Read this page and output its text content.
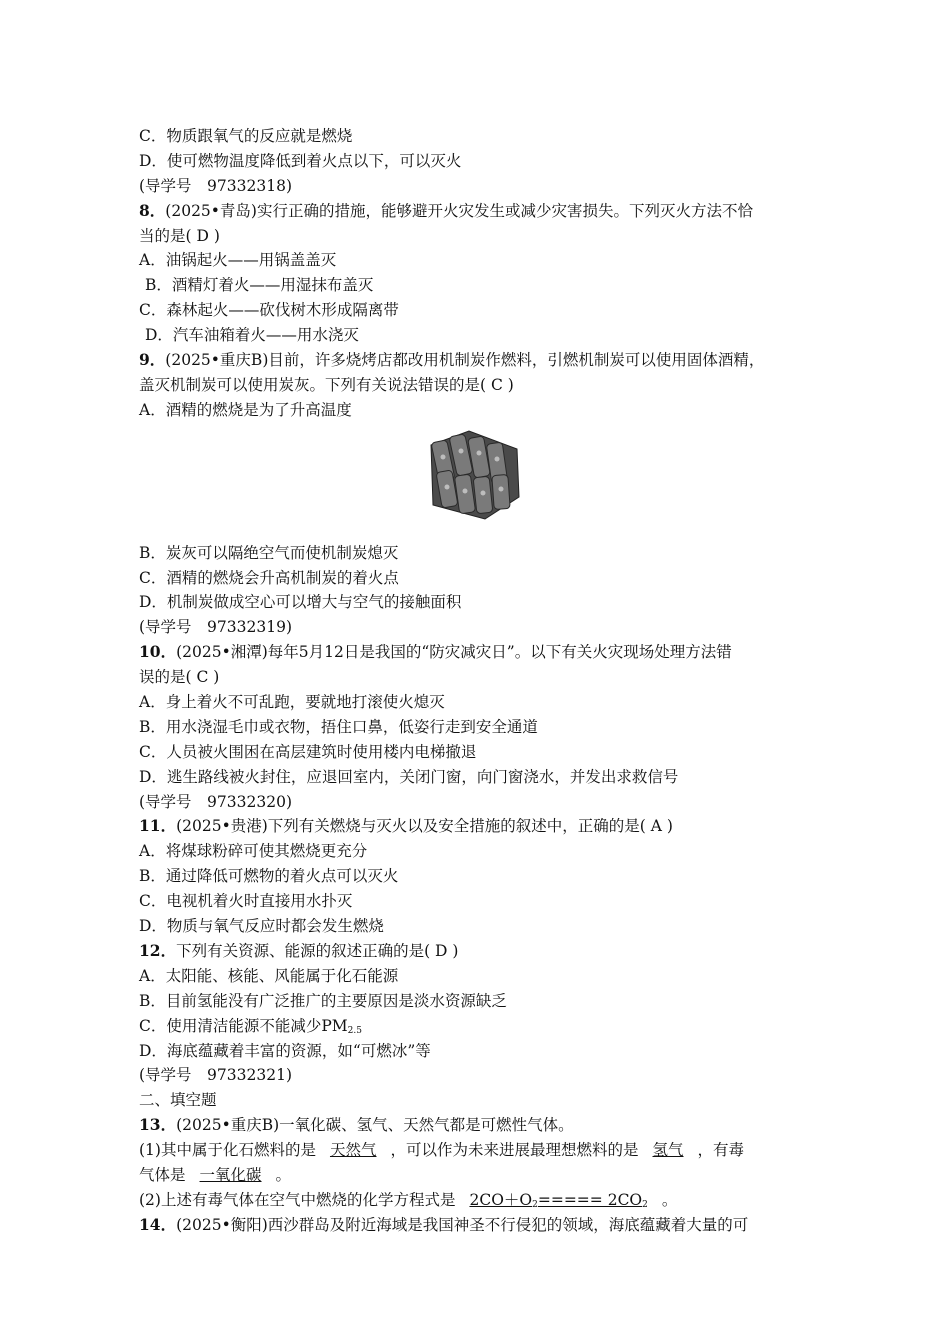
C．物质跟氧气的反应就是燃烧
D．使可燃物温度降低到着火点以下，可以灭火
(导学号　97332318)
8．(2025•青岛)实行正确的措施，能够避开火灾发生或减少灾害损失。下列灭火方法不恰
当的是( D )
A．油锅起火——用锅盖盖灭
B．酒精灯着火——用湿抹布盖灭
C．森林起火——砍伐树木形成隔离带
D．汽车油箱着火——用水浇灭
9．(2025•重庆B)目前，许多烧烤店都改用机制炭作燃料，引燃机制炭可以使用固体酒精，
盖灭机制炭可以使用炭灰。下列有关说法错误的是( C )
A．酒精的燃烧是为了升高温度
B．炭灰可以隔绝空气而使机制炭熄灭
C．酒精的燃烧会升高机制炭的着火点
D．机制炭做成空心可以增大与空气的接触面积
(导学号　97332319)
10．(2025•湘潭)每年5月12日是我国的“防灾减灾日”。以下有关火灾现场处理方法错
误的是( C )
A．身上着火不可乱跑，要就地打滚使火熄灭
B．用水浇湿毛巾或衣物，捂住口鼻，低姿行走到安全通道
C．人员被火围困在高层建筑时使用楼内电梯撤退
D．逃生路线被火封住，应退回室内，关闭门窗，向门窗浇水，并发出求救信号
(导学号　97332320)
11．(2025•贵港)下列有关燃烧与灭火以及安全措施的叙述中，正确的是( A )
A．将煤球粉碎可使其燃烧更充分
B．通过降低可燃物的着火点可以灭火
C．电视机着火时直接用水扑灭
D．物质与氧气反应时都会发生燃烧
12．下列有关资源、能源的叙述正确的是( D )
A．太阳能、核能、风能属于化石能源
B．目前氢能没有广泛推广的主要原因是淡水资源缺乏
C．使用清洁能源不能减少$PM_{2.5}$
D．海底蕴藏着丰富的资源，如“可燃冰”等
(导学号　97332321)
二、填空题
13．(2025•重庆B)一氧化碳、氢气、天然气都是可燃性气体。
(1)其中属于化石燃料的是 天然气 ，可以作为未来进展最理想燃料的是 氢气 ，有毒
气体是 一氧化碳 。
(2)上述有毒气体在空气中燃烧的化学方程式是 $2CO+O_2===== 2CO_2$ 。
14．(2025•衡阳)西沙群岛及附近海域是我国神圣不行侵犯的领域，海底蕴藏着大量的可
